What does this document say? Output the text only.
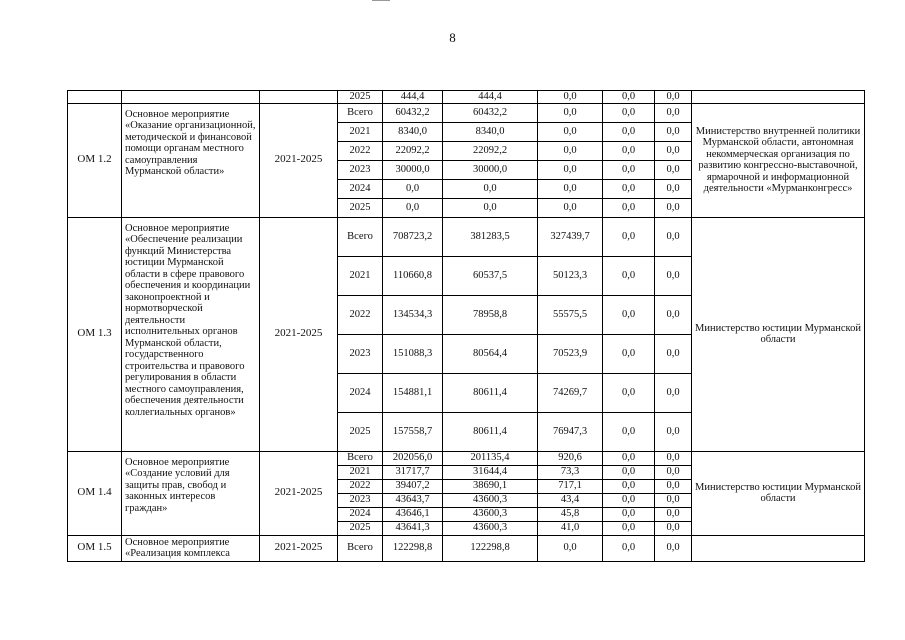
8
			2025	444,4	444,4	0,0	0,0	0,0	
ОМ 1.2	Основное мероприятие «Оказание организационной, методической и финансовой помощи органам местного самоуправления Мурманской области»	2021-2025	Всего	60432,2	60432,2	0,0	0,0	0,0	Министерство внутренней политики Мурманской области, автономная некоммерческая организация по развитию конгрессно-выставочной, ярмарочной и информационной деятельности «Мурманконгресс»
			2021	8340,0	8340,0	0,0	0,0	0,0	
			2022	22092,2	22092,2	0,0	0,0	0,0	
			2023	30000,0	30000,0	0,0	0,0	0,0	
			2024	0,0	0,0	0,0	0,0	0,0	
			2025	0,0	0,0	0,0	0,0	0,0	
ОМ 1.3	Основное мероприятие «Обеспечение реализации функций Министерства юстиции Мурманской области в сфере правового обеспечения и координации законопроектной и нормотворческой деятельности исполнительных органов Мурманской области, государственного строительства и правового регулирования в области местного самоуправления, обеспечения деятельности коллегиальных органов»	2021-2025	Всего	708723,2	381283,5	327439,7	0,0	0,0	Министерство юстиции Мурманской области
			2021	110660,8	60537,5	50123,3	0,0	0,0	
			2022	134534,3	78958,8	55575,5	0,0	0,0	
			2023	151088,3	80564,4	70523,9	0,0	0,0	
			2024	154881,1	80611,4	74269,7	0,0	0,0	
			2025	157558,7	80611,4	76947,3	0,0	0,0	
ОМ 1.4	Основное мероприятие «Создание условий для защиты прав, свобод и законных интересов граждан»	2021-2025	Всего	202056,0	201135,4	920,6	0,0	0,0	Министерство юстиции Мурманской области
			2021	31717,7	31644,4	73,3	0,0	0,0	
			2022	39407,2	38690,1	717,1	0,0	0,0	
			2023	43643,7	43600,3	43,4	0,0	0,0	
			2024	43646,1	43600,3	45,8	0,0	0,0	
			2025	43641,3	43600,3	41,0	0,0	0,0	
ОМ 1.5	Основное мероприятие «Реализация комплекса	2021-2025	Всего	122298,8	122298,8	0,0	0,0	0,0	
